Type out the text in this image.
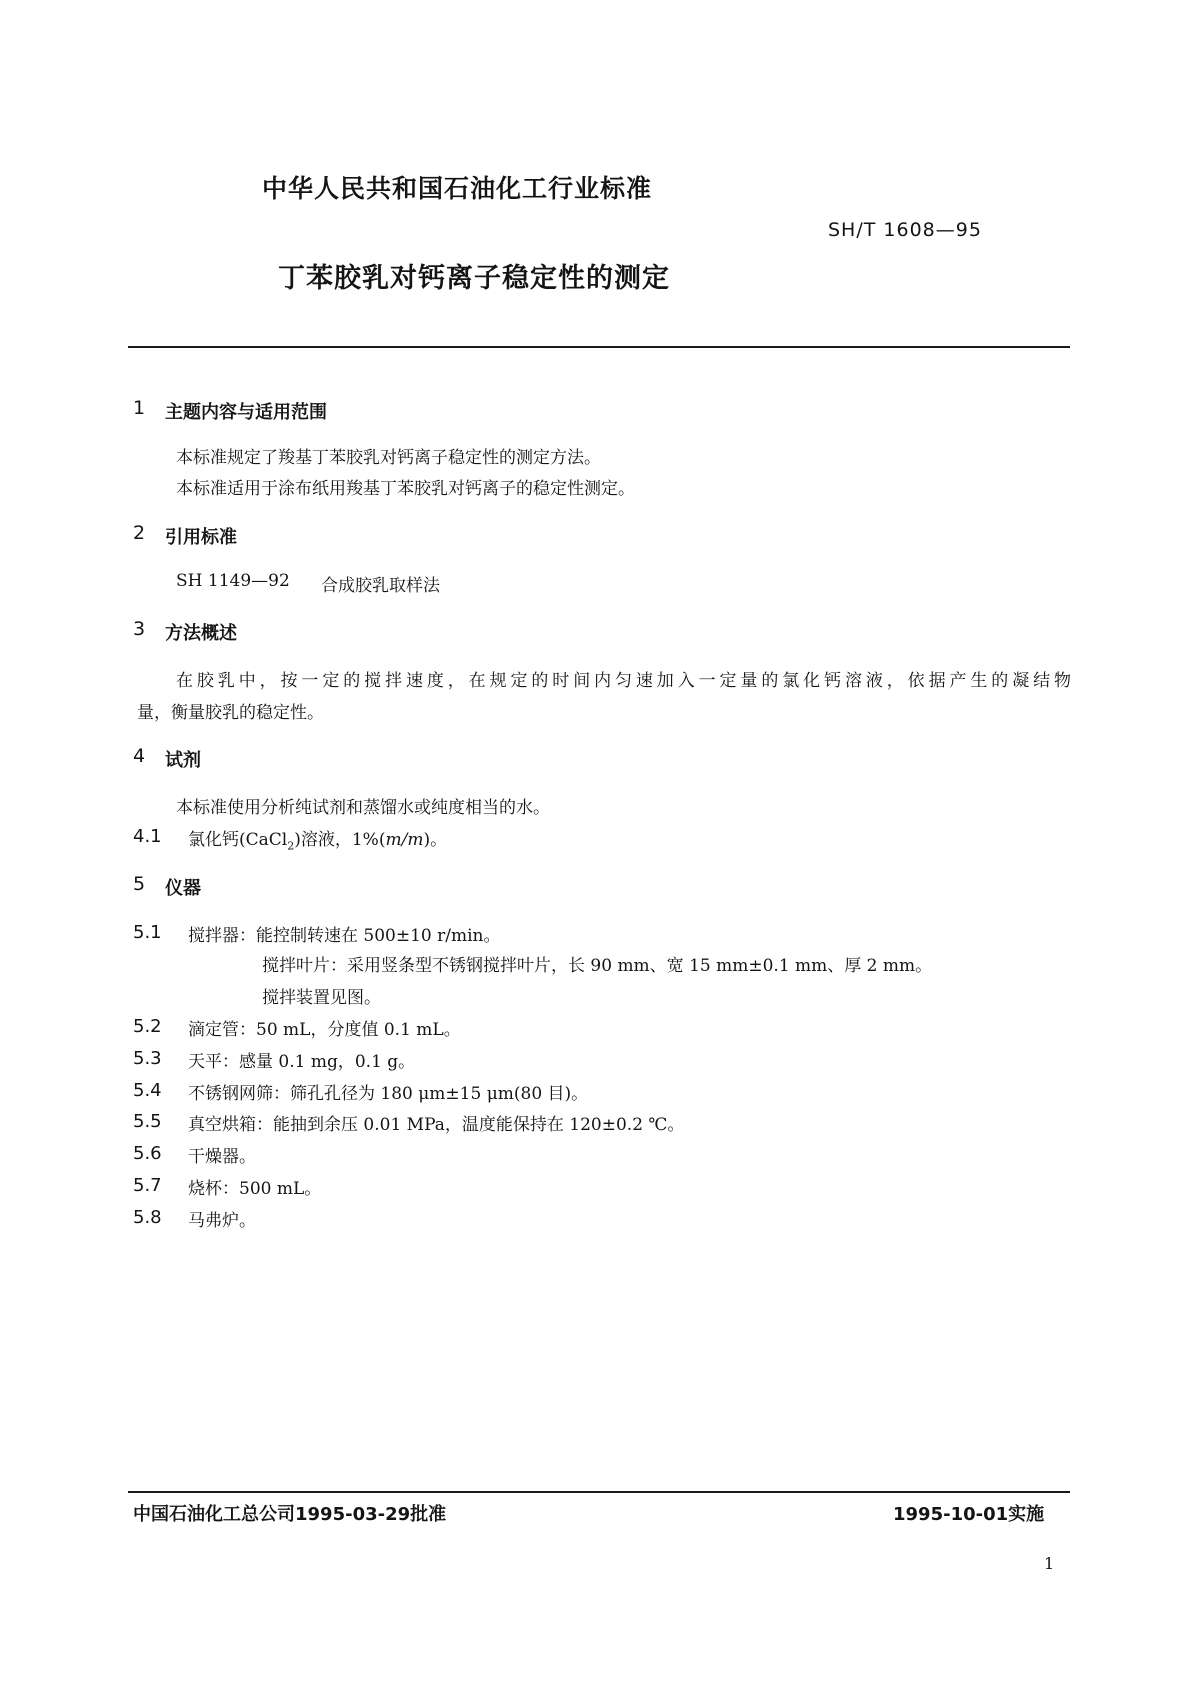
中华人民共和国石油化工行业标准
SH/T 1608—95
丁苯胶乳对钙离子稳定性的测定
1 主题内容与适用范围
本标准规定了羧基丁苯胶乳对钙离子稳定性的测定方法。
本标准适用于涂布纸用羧基丁苯胶乳对钙离子的稳定性测定。
2 引用标准
SH 1149—92 合成胶乳取样法
3 方法概述
在胶乳中，按一定的搅拌速度，在规定的时间内匀速加入一定量的氯化钙溶液，依据产生的凝结物
量，衡量胶乳的稳定性。
4 试剂
本标准使用分析纯试剂和蒸馏水或纯度相当的水。
4.1 氯化钙(CaCl$_2$)溶液，1%(m/m)。
5 仪器
5.1 搅拌器：能控制转速在 500±10 r/min。
搅拌叶片：采用竖条型不锈钢搅拌叶片，长 90 mm、宽 15 mm±0.1 mm、厚 2 mm。
搅拌装置见图。
5.2 滴定管：50 mL，分度值 0.1 mL。
5.3 天平：感量 0.1 mg，0.1 g。
5.4 不锈钢网筛：筛孔孔径为 180 μm±15 μm(80 目)。
5.5 真空烘箱：能抽到余压 0.01 MPa，温度能保持在 120±0.2 ℃。
5.6 干燥器。
5.7 烧杯：500 mL。
5.8 马弗炉。
中国石油化工总公司1995-03-29批准	1995-10-01实施
1
